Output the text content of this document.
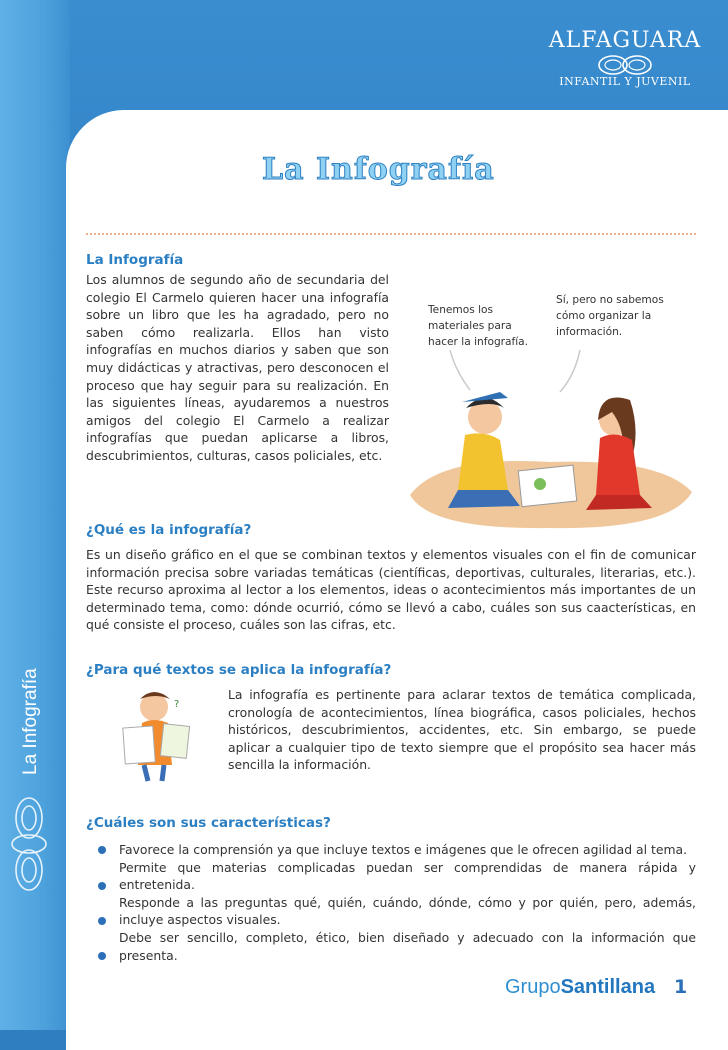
ALFAGUARA
INFANTIL Y JUVENIL
La Infografía
La Infografía
La Infografía
Los alumnos de segundo año de secundaria del colegio El Carmelo quieren hacer una infografía sobre un libro que les ha agradado, pero no saben cómo realizarla. Ellos han visto infografías en muchos diarios y saben que son muy didácticas y atractivas, pero desconocen el proceso que hay seguir para su realización. En las siguientes líneas, ayudaremos a nuestros amigos del colegio El Carmelo a realizar infografías que puedan aplicarse a libros, descubrimientos, culturas, casos policiales, etc.
Tenemos los materiales para hacer la infografía.
Sí, pero no sabemos cómo organizar la información.
¿Qué es la infografía?
Es un diseño gráfico en el que se combinan textos y elementos visuales con el fin de comunicar información precisa sobre variadas temáticas (científicas, deportivas, culturales, literarias, etc.). Este recurso aproxima al lector a los elementos, ideas o acontecimientos más importantes de un determinado tema, como: dónde ocurrió, cómo se llevó a cabo, cuáles son sus caacterísticas, en qué consiste el proceso, cuáles son las cifras, etc.
¿Para qué textos se aplica la infografía?
?
La infografía es pertinente para aclarar textos de temática complicada, cronología de acontecimientos, línea biográfica, casos policiales, hechos históricos, descubrimientos, accidentes, etc. Sin embargo, se puede aplicar a cualquier tipo de texto siempre que el propósito sea hacer más sencilla la información.
¿Cuáles son sus características?
Favorece la comprensión ya que incluye textos e imágenes que le ofrecen agilidad al tema.
Permite que materias complicadas puedan ser comprendidas de manera rápida y entretenida.
Responde a las preguntas qué, quién, cuándo, dónde, cómo y por quién, pero, además, incluye aspectos visuales.
Debe ser sencillo, completo, ético, bien diseñado y adecuado con la información que presenta.
GrupoSantillana 1
